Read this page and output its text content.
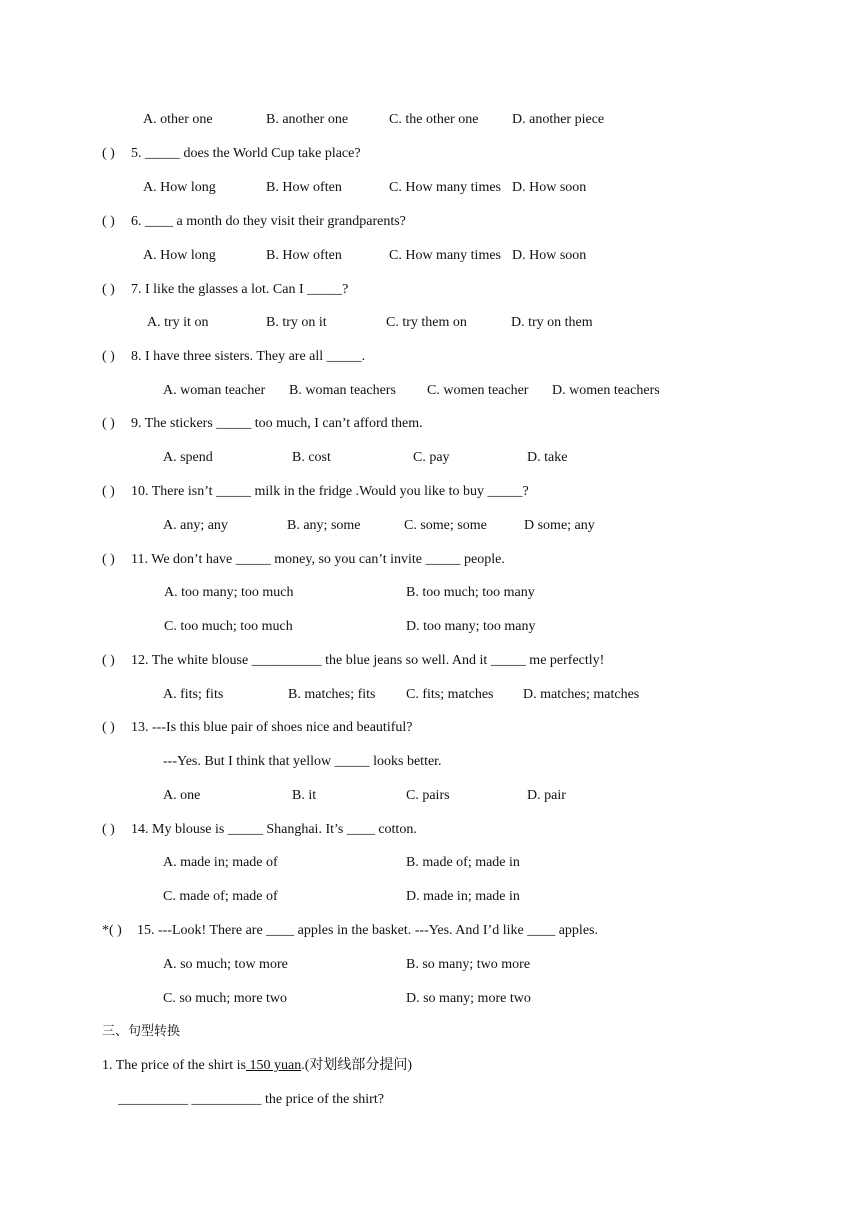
A. other one	B. another one	C. the other one D. another piece
( ) 5. _____ does the World Cup take place?
A. How long	B. How often	C. How many times D. How soon
( ) 6. ____ a month do they visit their grandparents?
A. How long	B. How often	C. How many times D. How soon
( ) 7. I like the glasses a lot. Can I _____?
A. try it on	B. try on it	C. try them on	D. try on them
( ) 8. I have three sisters. They are all _____.
A. woman teacher B. woman teachers C. women teacher D. women teachers
( ) 9. The stickers _____ too much, I can’t afford them.
A. spend	B. cost	C. pay	D. take
( ) 10. There isn’t _____ milk in the fridge .Would you like to buy _____?
A. any; any	B. any; some	C. some; some	D some; any
( ) 11. We don’t have _____ money, so you can’t invite _____ people.
A. too many; too much	B. too much; too many
C. too much; too much	D. too many; too many
( ) 12. The white blouse __________ the blue jeans so well. And it _____ me perfectly!
A. fits; fits	B. matches; fits C. fits; matches D. matches; matches
( ) 13. ---Is this blue pair of shoes nice and beautiful?
---Yes. But I think that yellow _____ looks better.
A. one	B. it	C. pairs	D. pair
( ) 14. My blouse is _____ Shanghai. It’s ____ cotton.
A. made in; made of	B. made of; made in
C. made of; made of	D. made in; made in
*( ) 15. ---Look! There are ____ apples in the basket. ---Yes. And I’d like ____ apples.
A. so much; tow more	B. so many; two more
C. so much; more two	D. so many; more two
三、句型转换
1. The price of the shirt is 150 yuan.(对划线部分提问)
__________ __________ the price of the shirt?
